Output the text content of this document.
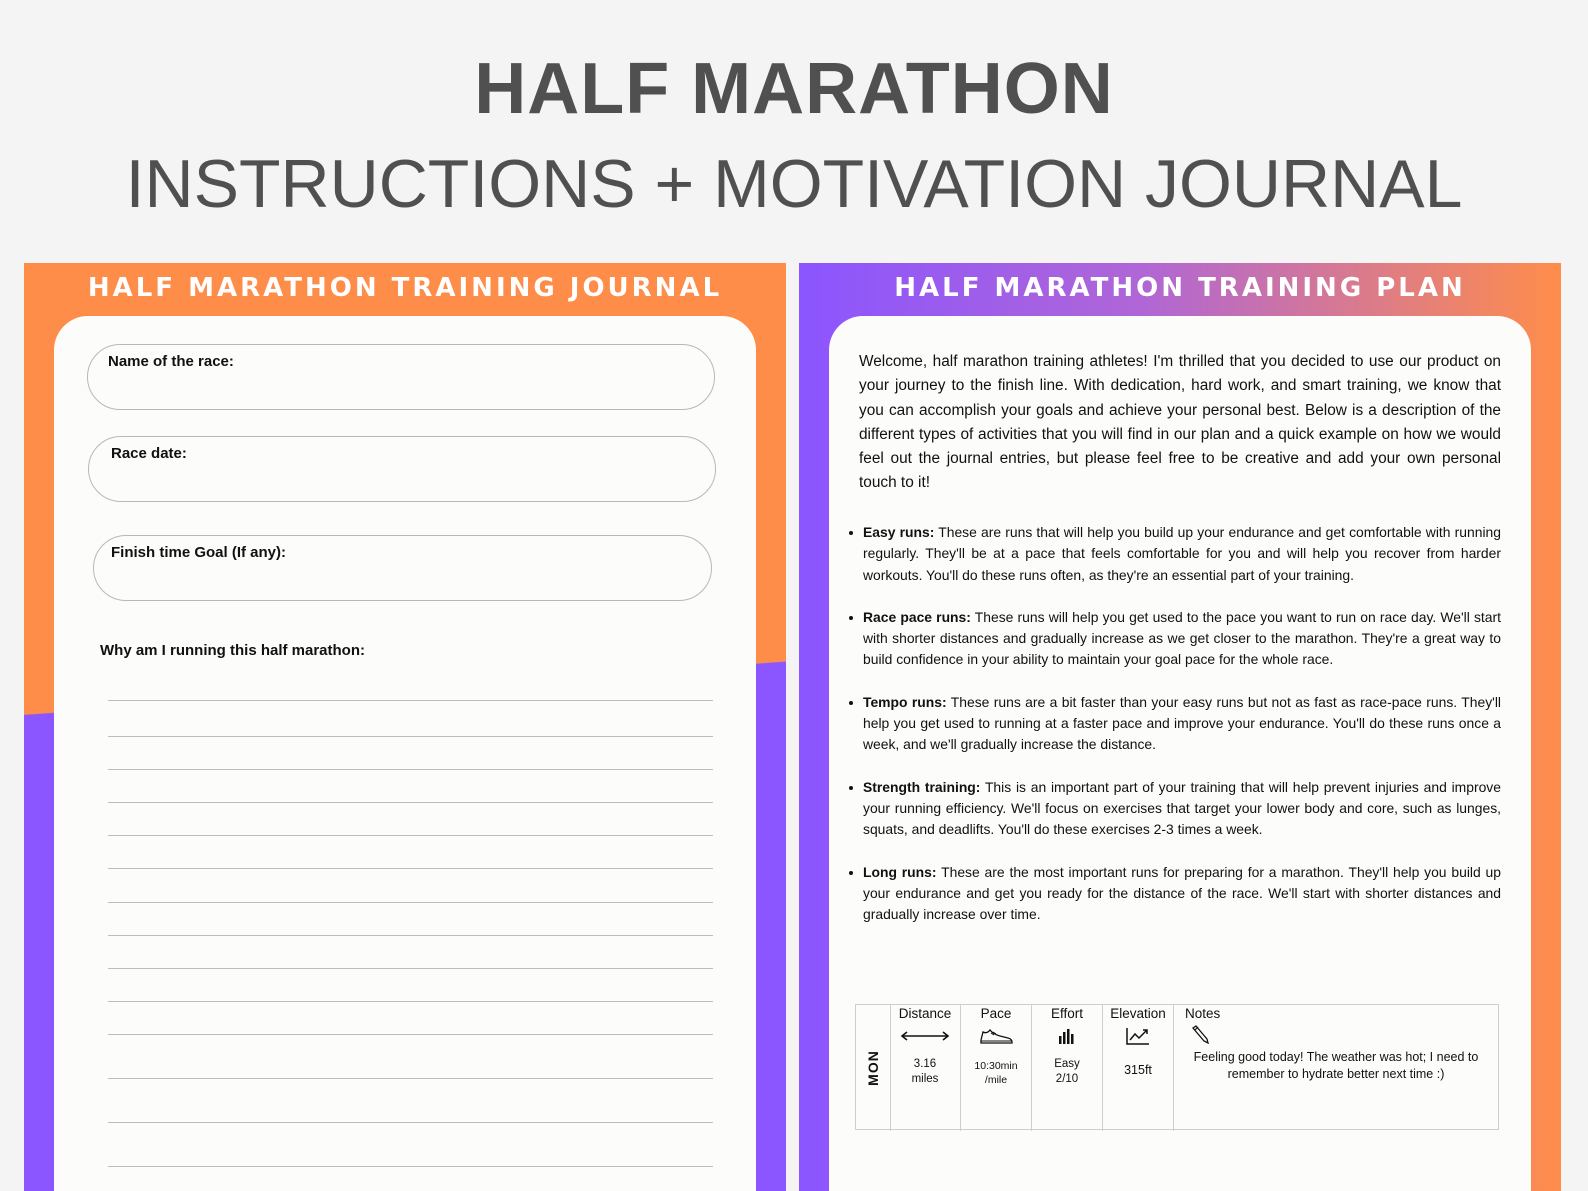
HALF MARATHON
INSTRUCTIONS + MOTIVATION JOURNAL
HALF MARATHON TRAINING JOURNAL
Name of the race:
Race date:
Finish time Goal (If any):
Why am I running this half marathon:
HALF MARATHON TRAINING PLAN
Welcome, half marathon training athletes! I'm thrilled that you decided to use our product on your journey to the finish line. With dedication, hard work, and smart training, we know that you can accomplish your goals and achieve your personal best. Below is a description of the different types of activities that you will find in our plan and a quick example on how we would feel out the journal entries, but please feel free to be creative and add your own personal touch to it!
Easy runs: These are runs that will help you build up your endurance and get comfortable with running regularly. They'll be at a pace that feels comfortable for you and will help you recover from harder workouts. You'll do these runs often, as they're an essential part of your training.
Race pace runs: These runs will help you get used to the pace you want to run on race day. We'll start with shorter distances and gradually increase as we get closer to the marathon. They're a great way to build confidence in your ability to maintain your goal pace for the whole race.
Tempo runs: These runs are a bit faster than your easy runs but not as fast as race-pace runs. They'll help you get used to running at a faster pace and improve your endurance. You'll do these runs once a week, and we'll gradually increase the distance.
Strength training: This is an important part of your training that will help prevent injuries and improve your running efficiency. We'll focus on exercises that target your lower body and core, such as lunges, squats, and deadlifts. You'll do these exercises 2-3 times a week.
Long runs: These are the most important runs for preparing for a marathon. They'll help you build up your endurance and get you ready for the distance of the race. We'll start with shorter distances and gradually increase over time.
MON
Distance
3.16
miles
Pace
10:30min
/mile
Effort
Easy
2/10
Elevation
315ft
Notes
Feeling good today! The weather was hot; I need to remember to hydrate better next time :)
